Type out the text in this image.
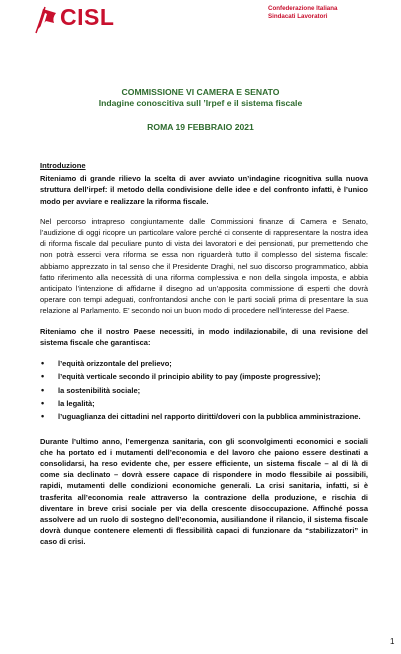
CISL	Confederazione Italiana
Sindacati Lavoratori
COMMISSIONE VI CAMERA E SENATO
Indagine conoscitiva sull ’Irpef e il sistema fiscale
ROMA 19 FEBBRAIO 2021
Introduzione

Riteniamo di grande rilievo la scelta di aver avviato un’indagine ricognitiva sulla nuova struttura dell’irpef: il metodo della condivisione delle idee e del confronto infatti, è l’unico modo per avviare e realizzare la riforma fiscale.

Nel percorso intrapreso congiuntamente dalle Commissioni finanze di Camera e Senato, l’audizione di oggi ricopre un particolare valore perché ci consente di rappresentare la nostra idea di riforma fiscale dal peculiare punto di vista dei lavoratori e dei pensionati, pur premettendo che non potrà esserci vera riforma se essa non riguarderà tutto il complesso del sistema fiscale: abbiamo apprezzato in tal senso che il Presidente Draghi, nel suo discorso programmatico, abbia fatto riferimento alla necessità di una riforma complessiva e non della singola imposta, e abbia anticipato l’intenzione di affidarne il disegno ad un’apposita commissione di esperti che dovrà operare con tempi adeguati, confrontandosi anche con le parti sociali prima di presentare la sua relazione al Parlamento. E’ secondo noi un buon modo di procedere nell’interesse del Paese.

Riteniamo che il nostro Paese necessiti, in modo indilazionabile, di una revisione del sistema fiscale che garantisca:

• l’equità orizzontale del prelievo;
• l’equità verticale secondo il principio ability to pay (imposte progressive);
• la sostenibilità sociale;
• la legalità;
• l’uguaglianza dei cittadini nel rapporto diritti/doveri con la pubblica amministrazione.

Durante l’ultimo anno, l’emergenza sanitaria, con gli sconvolgimenti economici e sociali che ha portato ed i mutamenti dell’economia e del lavoro che paiono essere destinati a consolidarsi, ha reso evidente che, per essere efficiente, un sistema fiscale – al di là di come sia declinato – dovrà essere capace di rispondere in modo flessibile ai possibili, rapidi, mutamenti delle condizioni economiche generali. La crisi sanitaria, infatti, si è trasferita all’economia reale attraverso la contrazione della produzione, e rischia di diventare in breve crisi sociale per via della crescente disoccupazione. Affinché possa assolvere ad un ruolo di sostegno dell’economia, ausiliandone il rilancio, il sistema fiscale dovrà dunque contenere elementi di flessibilità capaci di funzionare da “stabilizzatori” in caso di crisi.

1
